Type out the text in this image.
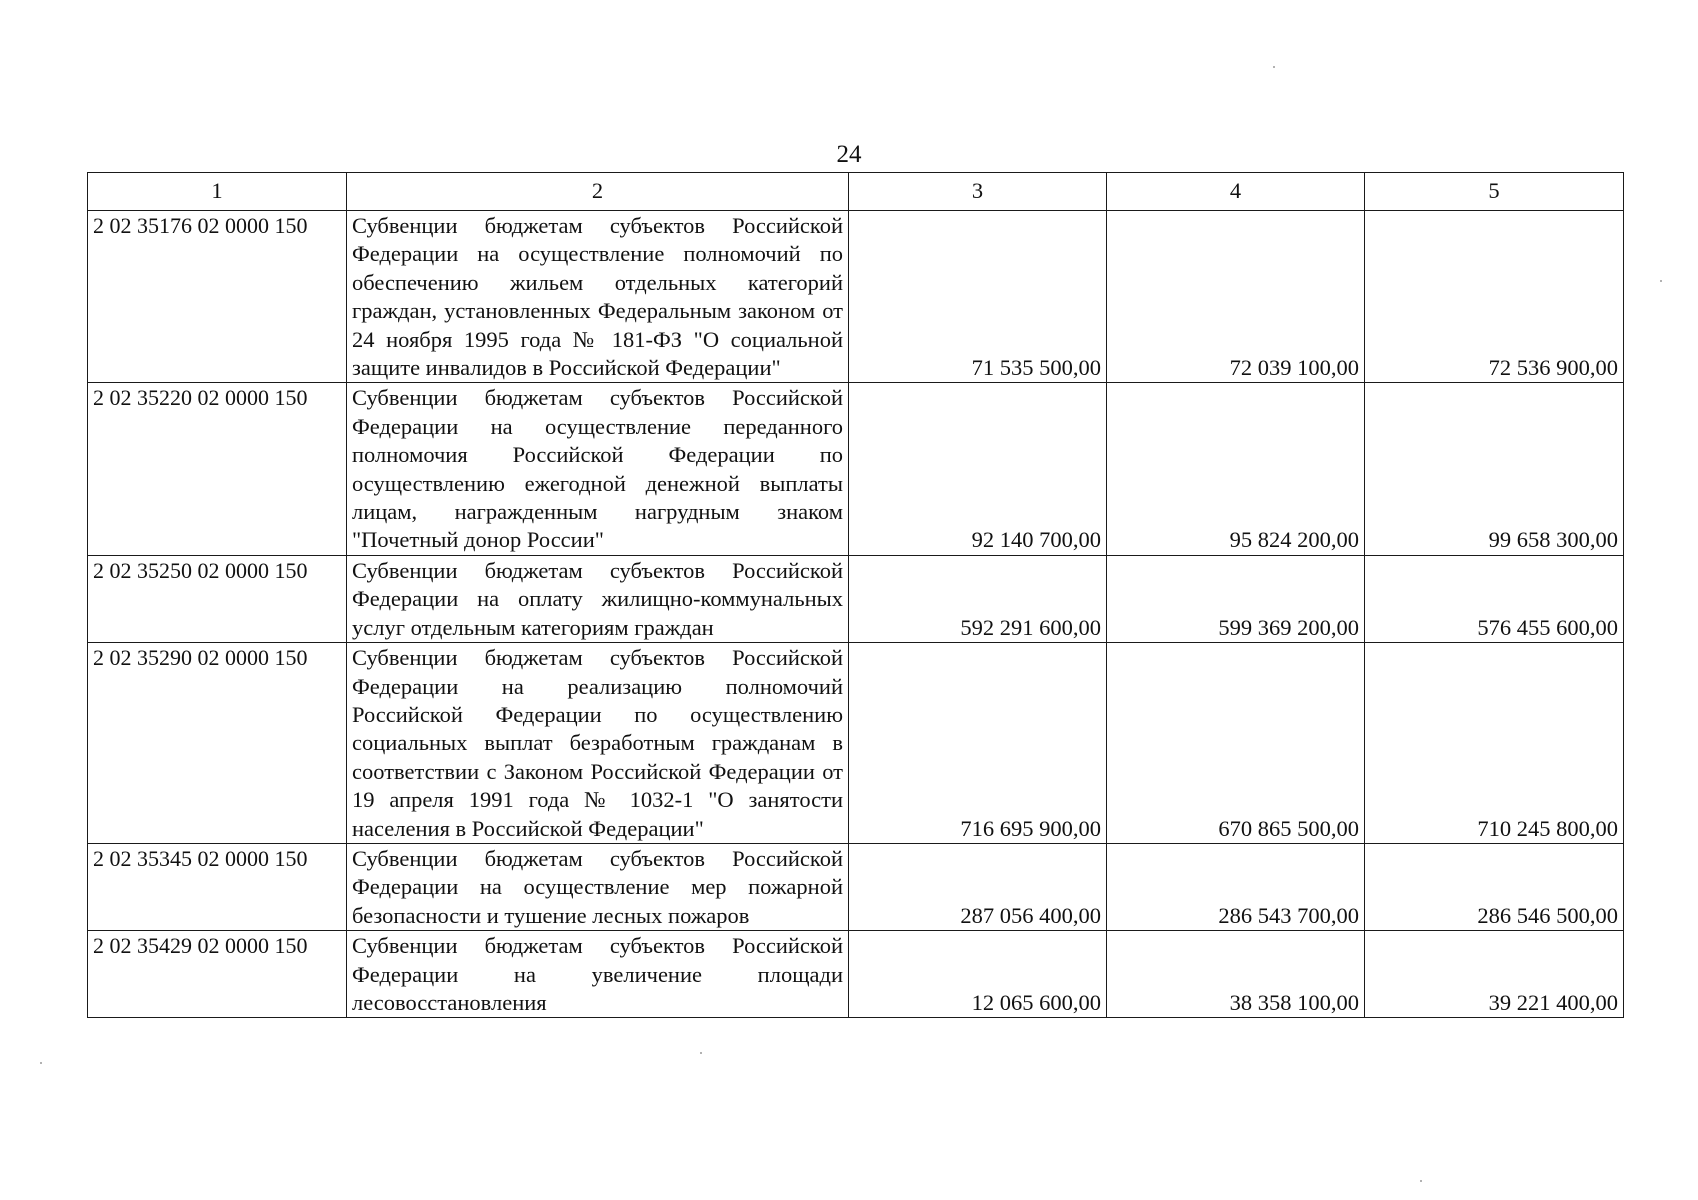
24
1	2	3	4	5
2 02 35176 02 0000 150	Субвенции бюджетам субъектов Российской Федерации на осуществление полномочий по обеспечению жильем отдельных категорий граждан, установленных Федеральным законом от 24 ноября 1995 года № 181-ФЗ "О социальной защите инвалидов в Российской Федерации"	71 535 500,00	72 039 100,00	72 536 900,00
2 02 35220 02 0000 150	Субвенции бюджетам субъектов Российской Федерации на осуществление переданного полномочия Российской Федерации по осуществлению ежегодной денежной выплаты лицам, награжденным нагрудным знаком "Почетный донор России"	92 140 700,00	95 824 200,00	99 658 300,00
2 02 35250 02 0000 150	Субвенции бюджетам субъектов Российской Федерации на оплату жилищно-коммунальных услуг отдельным категориям граждан	592 291 600,00	599 369 200,00	576 455 600,00
2 02 35290 02 0000 150	Субвенции бюджетам субъектов Российской Федерации на реализацию полномочий Российской Федерации по осуществлению социальных выплат безработным гражданам в соответствии с Законом Российской Федерации от 19 апреля 1991 года № 1032-1 "О занятости населения в Российской Федерации"	716 695 900,00	670 865 500,00	710 245 800,00
2 02 35345 02 0000 150	Субвенции бюджетам субъектов Российской Федерации на осуществление мер пожарной безопасности и тушение лесных пожаров	287 056 400,00	286 543 700,00	286 546 500,00
2 02 35429 02 0000 150	Субвенции бюджетам субъектов Российской Федерации на увеличение площади лесовосстановления	12 065 600,00	38 358 100,00	39 221 400,00
